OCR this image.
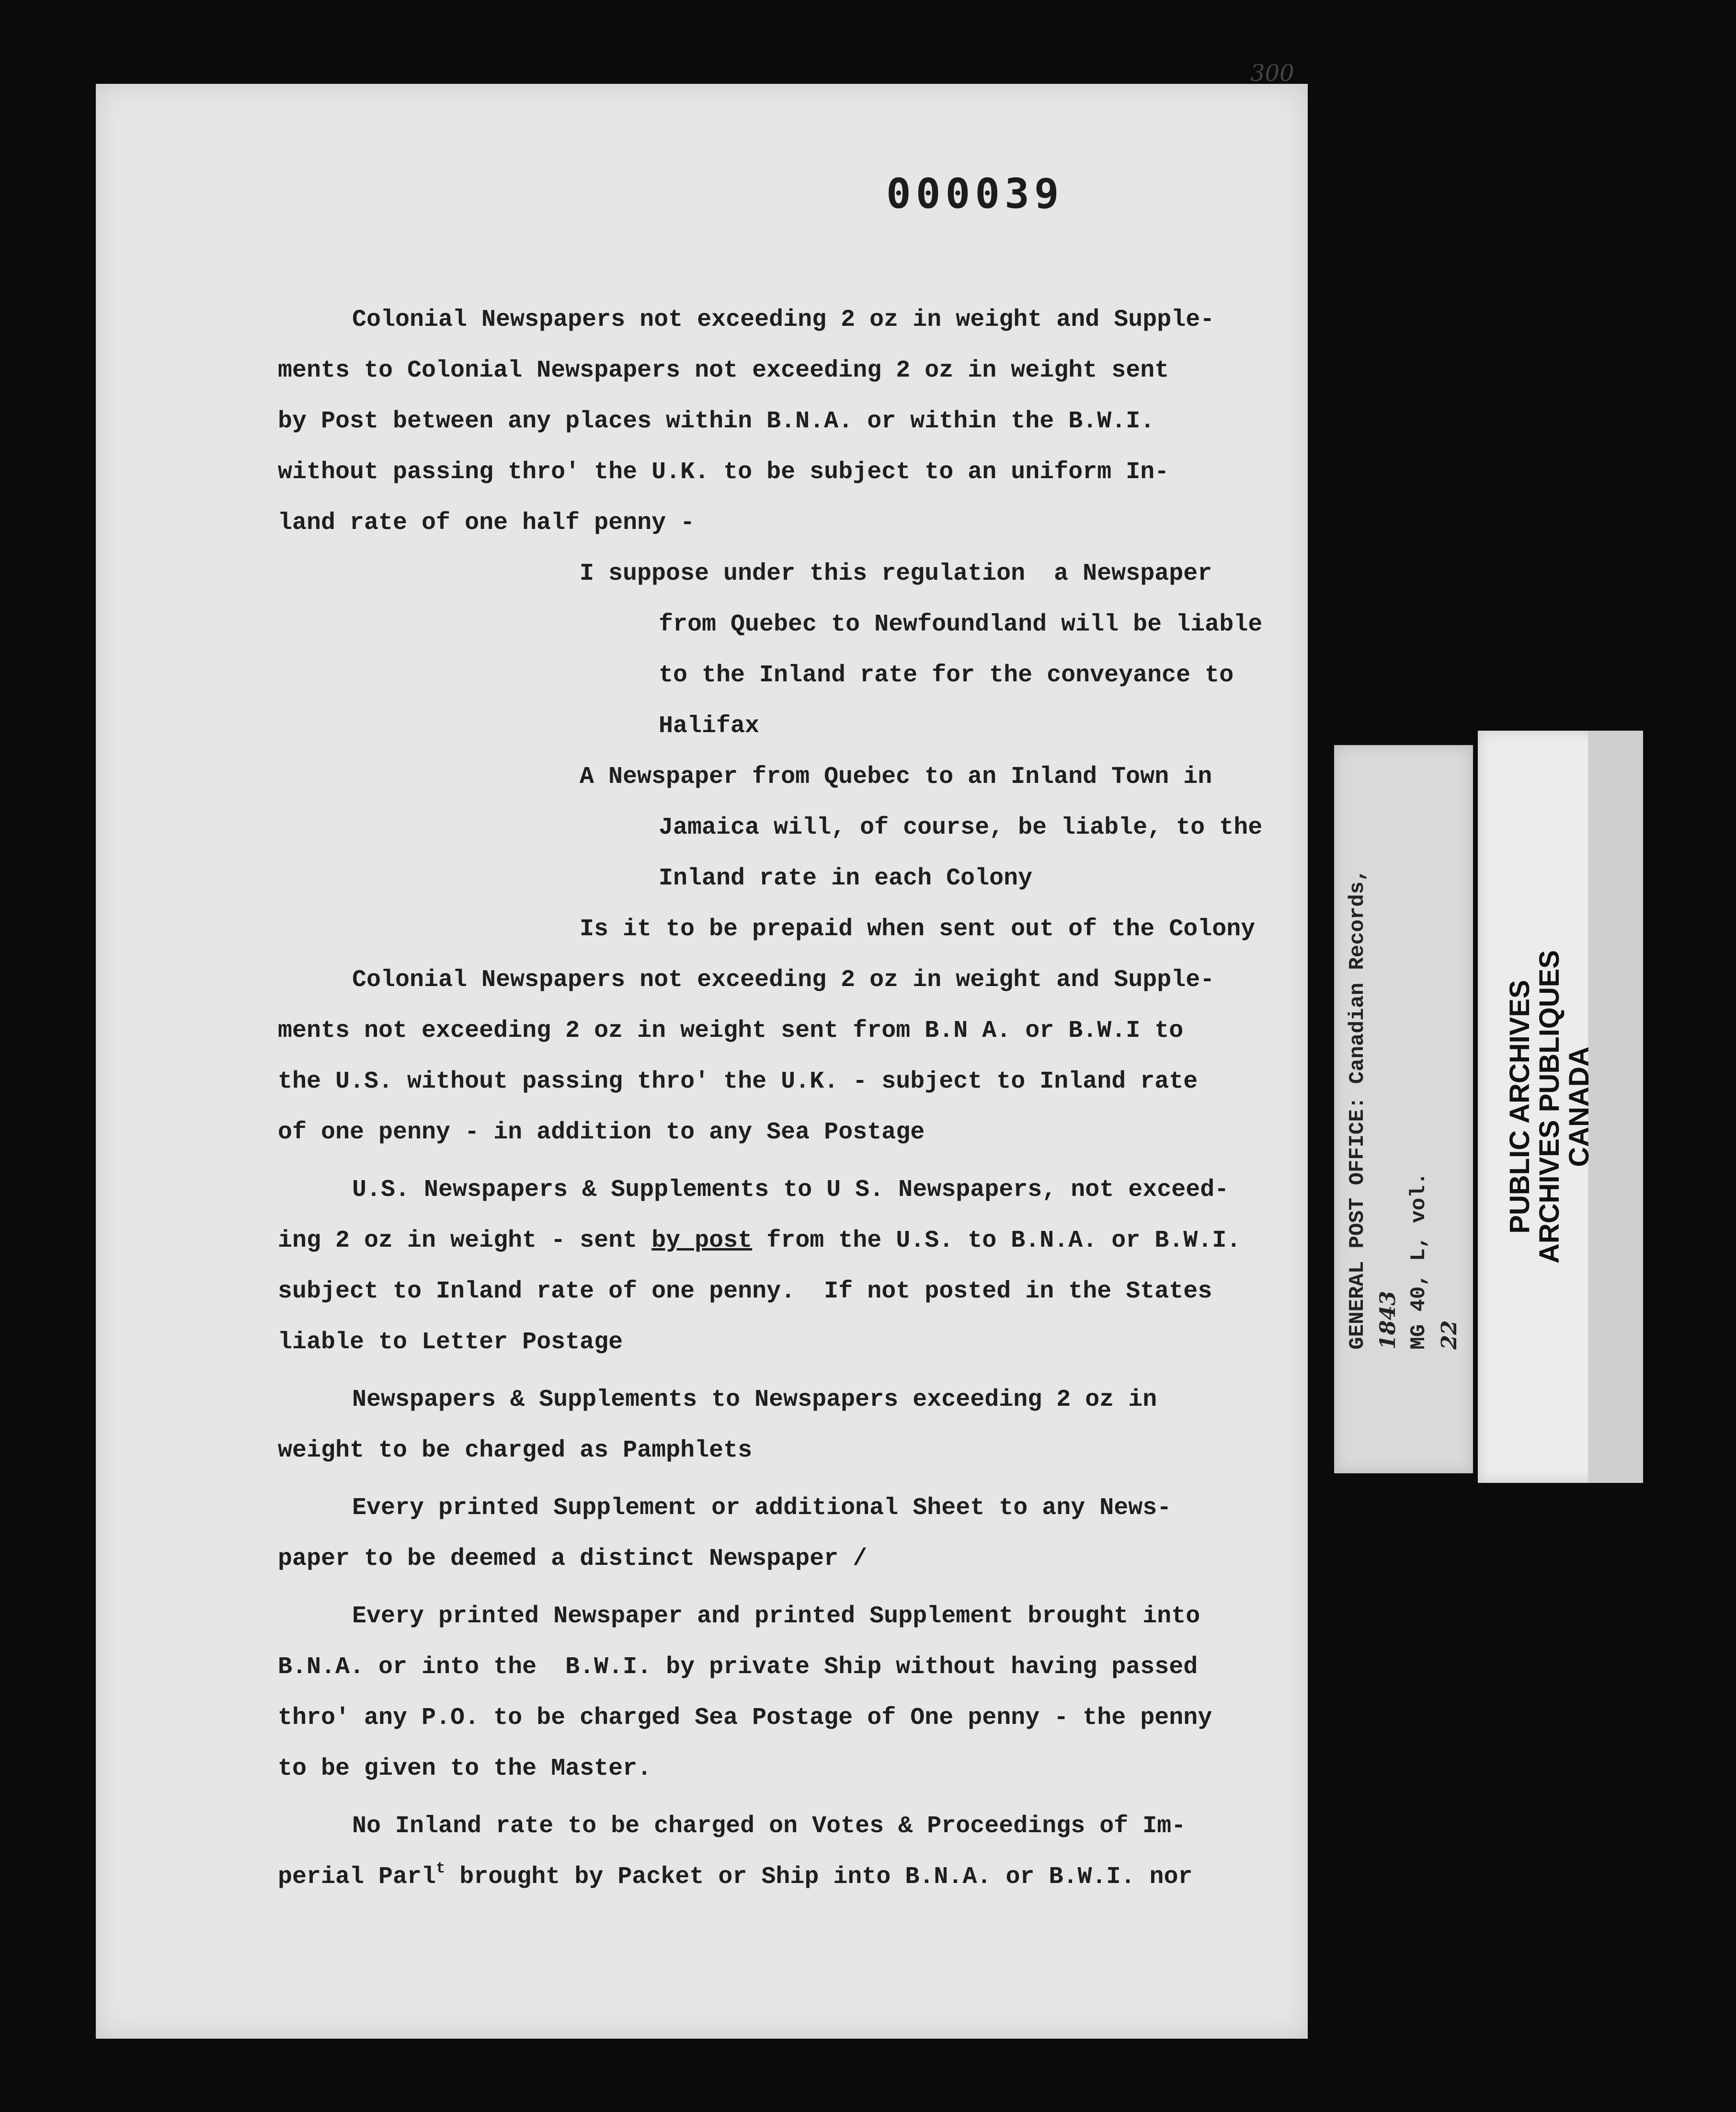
300
000039
Colonial Newspapers not exceeding 2 oz in weight and Supple-
ments to Colonial Newspapers not exceeding 2 oz in weight sent
by Post between any places within B.N.A. or within the B.W.I.
without passing thro' the U.K. to be subject to an uniform In-
land rate of one half penny -
I suppose under this regulation  a Newspaper
from Quebec to Newfoundland will be liable
to the Inland rate for the conveyance to
Halifax
A Newspaper from Quebec to an Inland Town in
Jamaica will, of course, be liable, to the
Inland rate in each Colony
Is it to be prepaid when sent out of the Colony
Colonial Newspapers not exceeding 2 oz in weight and Supple-
ments not exceeding 2 oz in weight sent from B.N A. or B.W.I to
the U.S. without passing thro' the U.K. - subject to Inland rate
of one penny - in addition to any Sea Postage
U.S. Newspapers & Supplements to U S. Newspapers, not exceed-
ing 2 oz in weight - sent by post from the U.S. to B.N.A. or B.W.I.
subject to Inland rate of one penny.  If not posted in the States
liable to Letter Postage
Newspapers & Supplements to Newspapers exceeding 2 oz in
weight to be charged as Pamphlets
Every printed Supplement or additional Sheet to any News-
paper to be deemed a distinct Newspaper /
Every printed Newspaper and printed Supplement brought into
B.N.A. or into the  B.W.I. by private Ship without having passed
thro' any P.O. to be charged Sea Postage of One penny - the penny
to be given to the Master.
No Inland rate to be charged on Votes & Proceedings of Im-
perial Parl$^t$ brought by Packet or Ship into B.N.A. or B.W.I. nor
GENERAL POST OFFICE: Canadian Records, 1843 MG 40, L, vol. 22
PUBLIC ARCHIVES
ARCHIVES PUBLIQUES
CANADA
